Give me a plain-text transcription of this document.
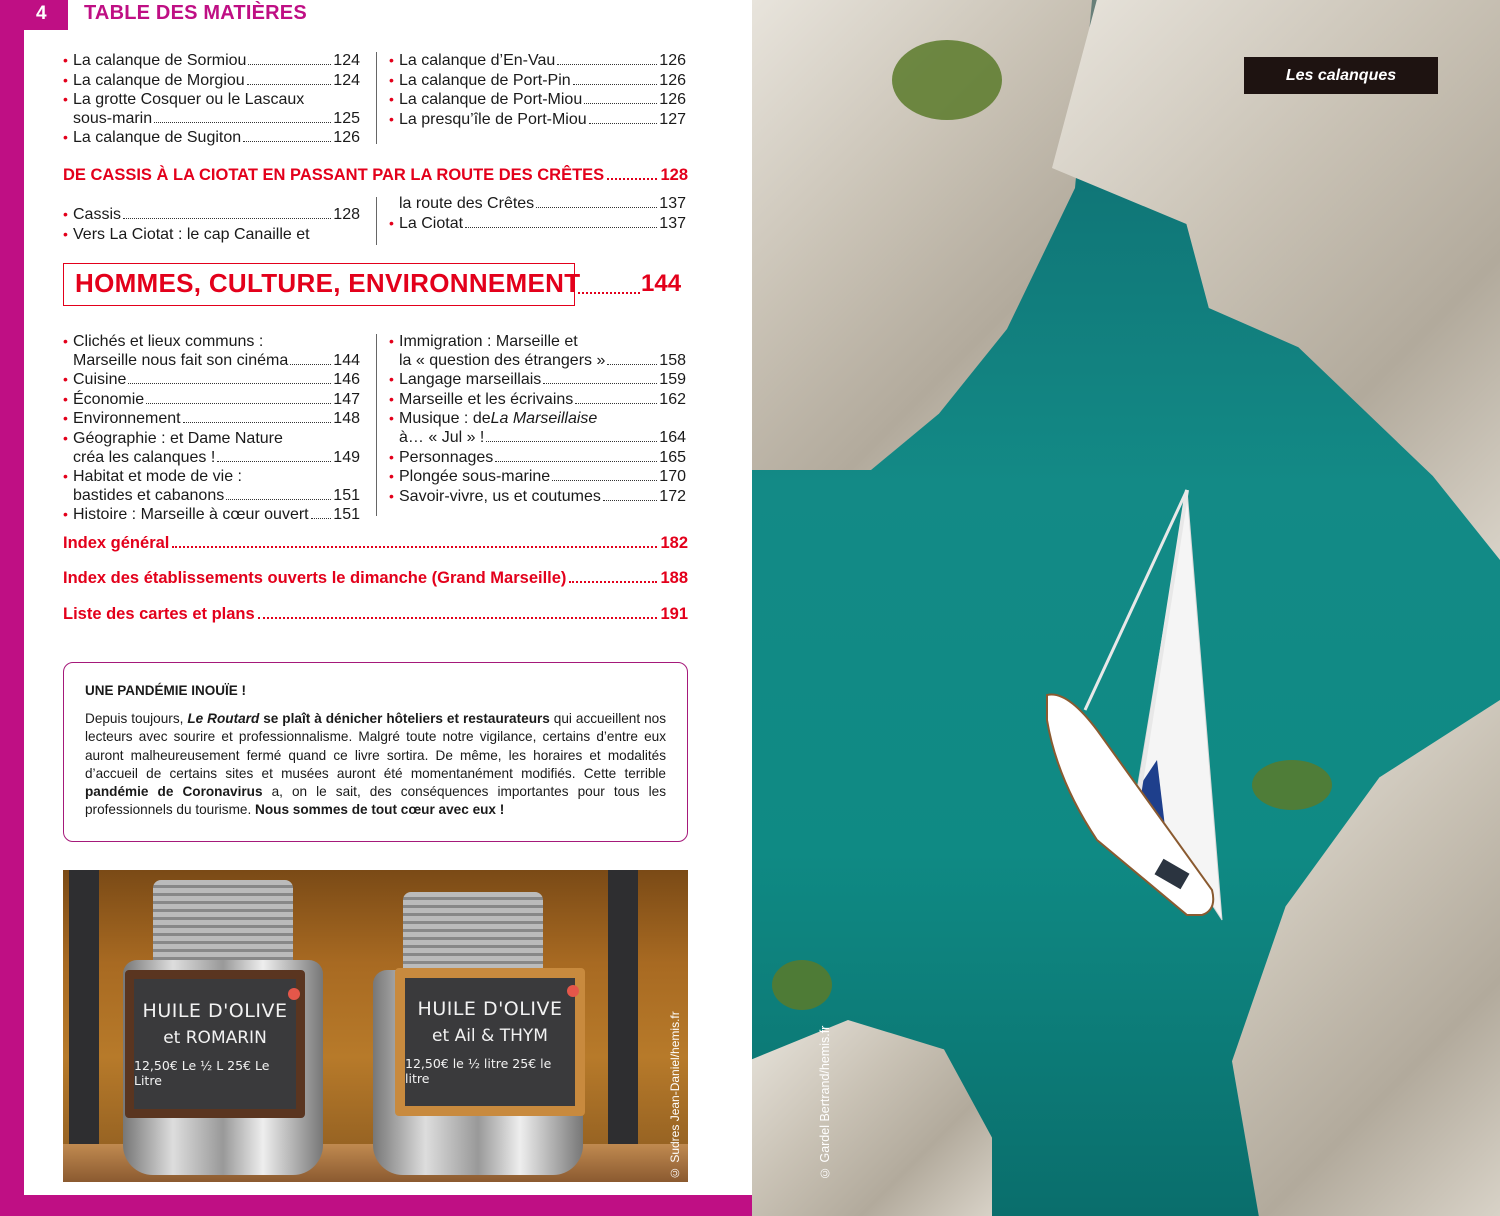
4 TABLE DES MATIÈRES
• La calanque de Sormiou	124
• La calanque de Morgiou	124
• La grotte Cosquer ou le Lascaux
sous-marin	125
• La calanque de Sugiton	126
• La calanque d’En-Vau	126
• La calanque de Port-Pin	126
• La calanque de Port-Miou	126
• La presqu’île de Port-Miou	127
DE CASSIS À LA CIOTAT EN PASSANT PAR LA ROUTE DES CRÊTES	128
• Cassis	128
• Vers La Ciotat : le cap Canaille et
la route des Crêtes	137
• La Ciotat	137
HOMMES, CULTURE, ENVIRONNEMENT	144
• Clichés et lieux communs :
Marseille nous fait son cinéma	144
• Cuisine	146
• Économie	147
• Environnement	148
• Géographie : et Dame Nature
créa les calanques !	149
• Habitat et mode de vie :
bastides et cabanons	151
• Histoire : Marseille à cœur ouvert 151
• Immigration : Marseille et
la « question des étrangers »	158
• Langage marseillais	159
• Marseille et les écrivains	162
• Musique : de La Marseillaise
à… « Jul » !	164
• Personnages	165
• Plongée sous-marine	170
• Savoir-vivre, us et coutumes	172
Index général	182
Index des établissements ouverts le dimanche (Grand Marseille)	188
Liste des cartes et plans	191
UNE PANDÉMIE INOUÏE !
Depuis toujours, Le Routard se plaît à dénicher hôteliers et restaurateurs qui accueillent nos lecteurs avec sourire et professionnalisme. Malgré toute notre vigilance, certains d’entre eux auront malheureusement fermé quand ce livre sortira. De même, les horaires et modalités d’accueil de certains sites et musées auront été momentanément modifiés. Cette terrible pandémie de Coronavirus a, on le sait, des conséquences importantes pour tous les professionnels du tourisme. Nous sommes de tout cœur avec eux !
HUILE D'OLIVE
et ROMARIN
12,50€ Le ½ L 25€ Le Litre
HUILE D'OLIVE
et Ail & THYM
12,50€ le ½ litre 25€ le litre	© Sudres Jean-Daniel/hemis.fr	© Gardel Bertrand/hemis.fr
Les calanques
